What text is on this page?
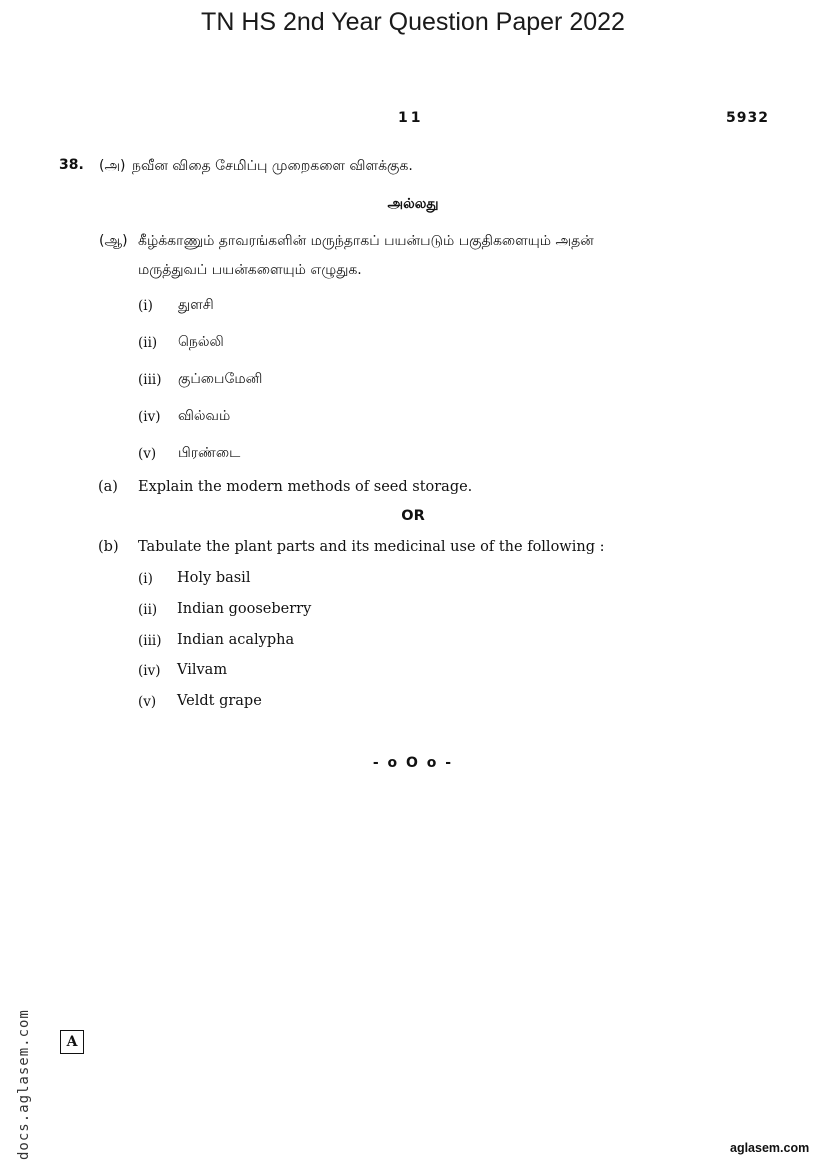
TN HS 2nd Year Question Paper 2022
11	5932
38. (அ) நவீன விதை சேமிப்பு முறைகளை விளக்குக.
அல்லது
(ஆ) கீழ்க்காணும் தாவரங்களின் மருந்தாகப் பயன்படும் பகுதிகளையும் அதன்
மருத்துவப் பயன்களையும் எழுதுக.
(i) துளசி
(ii) நெல்லி
(iii) குப்பைமேனி
(iv) வில்வம்
(v) பிரண்டை
(a) Explain the modern methods of seed storage.
OR
(b) Tabulate the plant parts and its medicinal use of the following :
(i) Holy basil
(ii) Indian gooseberry
(iii) Indian acalypha
(iv) Vilvam
(v) Veldt grape
- o O o -
docs.aglasem.com	A
aglasem.com
